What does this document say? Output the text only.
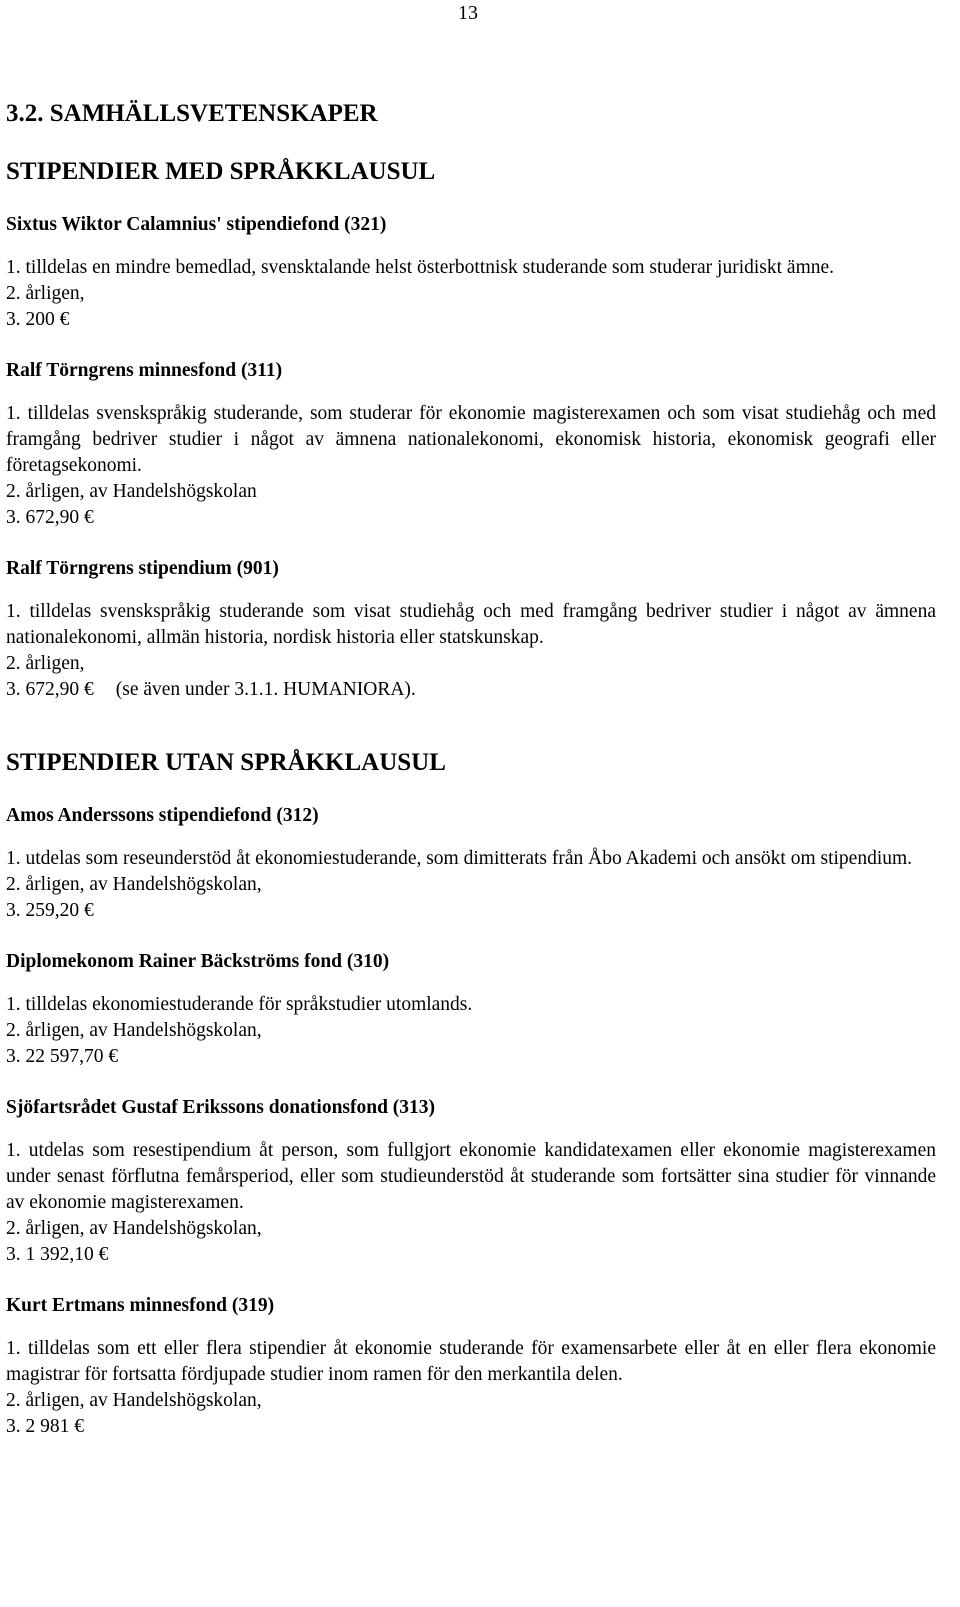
13
3.2. SAMHÄLLSVETENSKAPER
STIPENDIER MED SPRÅKKLAUSUL

Sixtus Wiktor Calamnius' stipendiefond (321)

1. tilldelas en mindre bemedlad, svensktalande helst österbottnisk studerande som studerar juridiskt ämne.

2. årligen,

3. 200 €

Ralf Törngrens minnesfond (311)

1. tilldelas svenskspråkig studerande, som studerar för ekonomie magisterexamen och som visat studiehåg och med framgång bedriver studier i något av ämnena nationalekonomi, ekonomisk historia, ekonomisk geografi eller företagsekonomi.

2. årligen, av Handelshögskolan

3. 672,90 €

Ralf Törngrens stipendium (901)

1. tilldelas svenskspråkig studerande som visat studiehåg och med framgång bedriver studier i något av ämnena nationalekonomi, allmän historia, nordisk historia eller statskunskap.

2. årligen,

3. 672,90 € (se även under 3.1.1. HUMANIORA).

STIPENDIER UTAN SPRÅKKLAUSUL

Amos Anderssons stipendiefond (312)

1. utdelas som reseunderstöd åt ekonomiestuderande, som dimitterats från Åbo Akademi och ansökt om stipendium.

2. årligen, av Handelshögskolan,

3. 259,20 €

Diplomekonom Rainer Bäckströms fond (310)

1. tilldelas ekonomiestuderande för språkstudier utomlands.

2. årligen, av Handelshögskolan,

3. 22 597,70 €

Sjöfartsrådet Gustaf Erikssons donationsfond (313)

1. utdelas som resestipendium åt person, som fullgjort ekonomie kandidatexamen eller ekonomie magisterexamen under senast förflutna femårsperiod, eller som studieunderstöd åt studerande som fortsätter sina studier för vinnande av ekonomie magisterexamen.

2. årligen, av Handelshögskolan,

3. 1 392,10 €

Kurt Ertmans minnesfond (319)

1. tilldelas som ett eller flera stipendier åt ekonomie studerande för examensarbete eller åt en eller flera ekonomie magistrar för fortsatta fördjupade studier inom ramen för den merkantila delen.

2. årligen, av Handelshögskolan,

3. 2 981 €
